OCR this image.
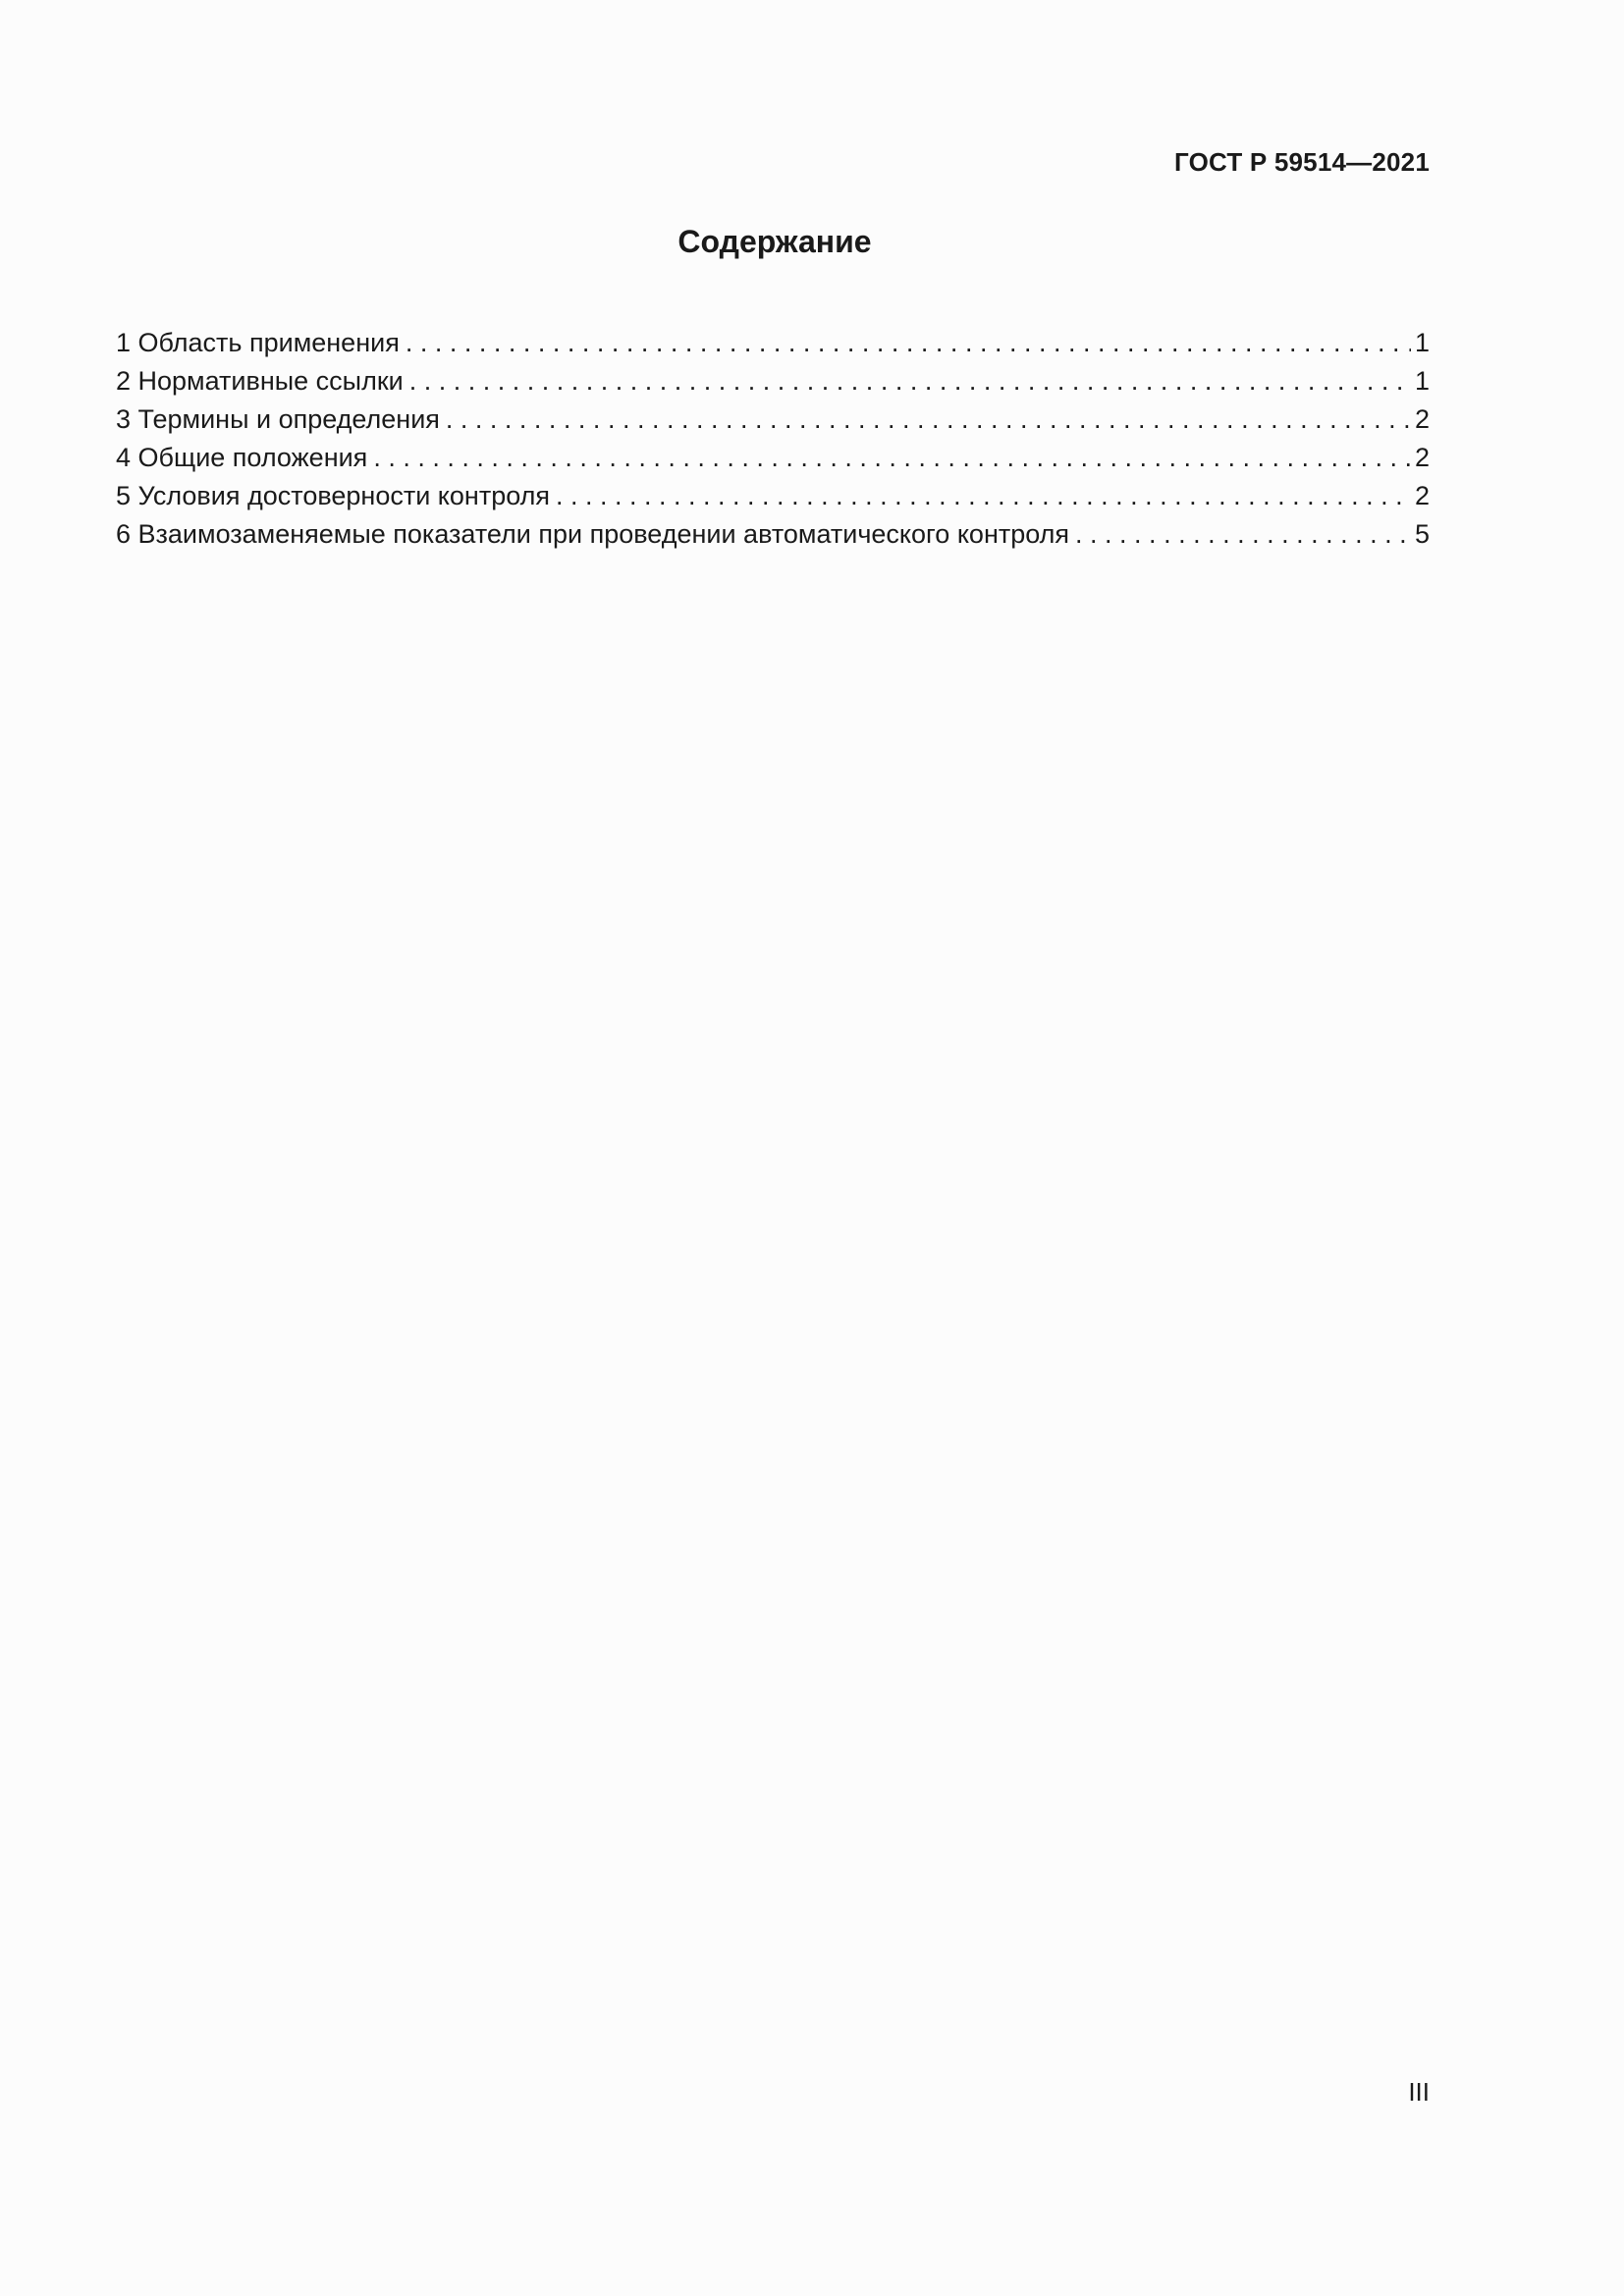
ГОСТ Р 59514—2021
Содержание
1 Область применения . . .	1
2 Нормативные ссылки . . .	1
3 Термины и определения . . .	2
4 Общие положения . . .	2
5 Условия достоверности контроля . . .	2
6 Взаимозаменяемые показатели при проведении автоматического контроля . . .	5
III
